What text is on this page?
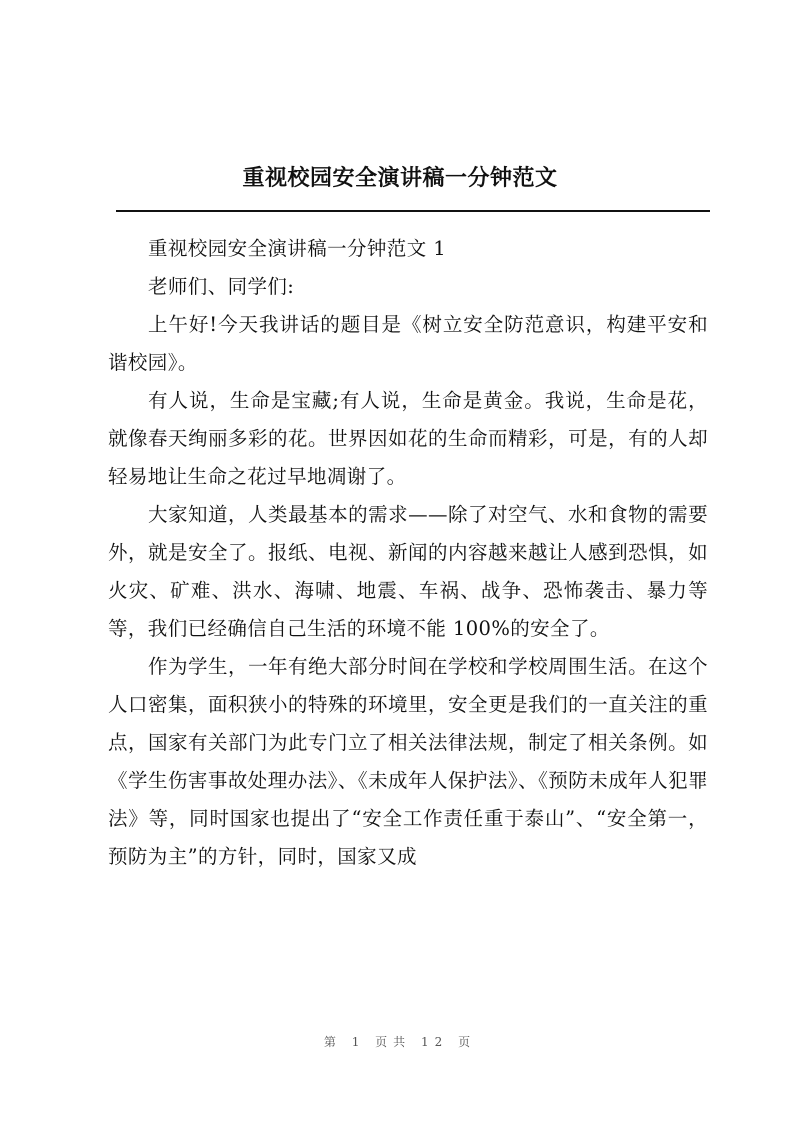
重视校园安全演讲稿一分钟范文

重视校园安全演讲稿一分钟范文 1

老师们、同学们:

上午好!今天我讲话的题目是《树立安全防范意识，构建平安和谐校园》。

有人说，生命是宝藏;有人说，生命是黄金。我说，生命是花，就像春天绚丽多彩的花。世界因如花的生命而精彩，可是，有的人却轻易地让生命之花过早地凋谢了。

大家知道，人类最基本的需求——除了对空气、水和食物的需要外，就是安全了。报纸、电视、新闻的内容越来越让人感到恐惧，如火灾、矿难、洪水、海啸、地震、车祸、战争、恐怖袭击、暴力等等，我们已经确信自己生活的环境不能 100%的安全了。

作为学生，一年有绝大部分时间在学校和学校周围生活。在这个人口密集，面积狭小的特殊的环境里，安全更是我们的一直关注的重点，国家有关部门为此专门立了相关法律法规，制定了相关条例。如《学生伤害事故处理办法》、《未成年人保护法》、《预防未成年人犯罪法》等，同时国家也提出了“安全工作责任重于泰山”、“安全第一，预防为主”的方针，同时，国家又成

第 1 页共 12 页
